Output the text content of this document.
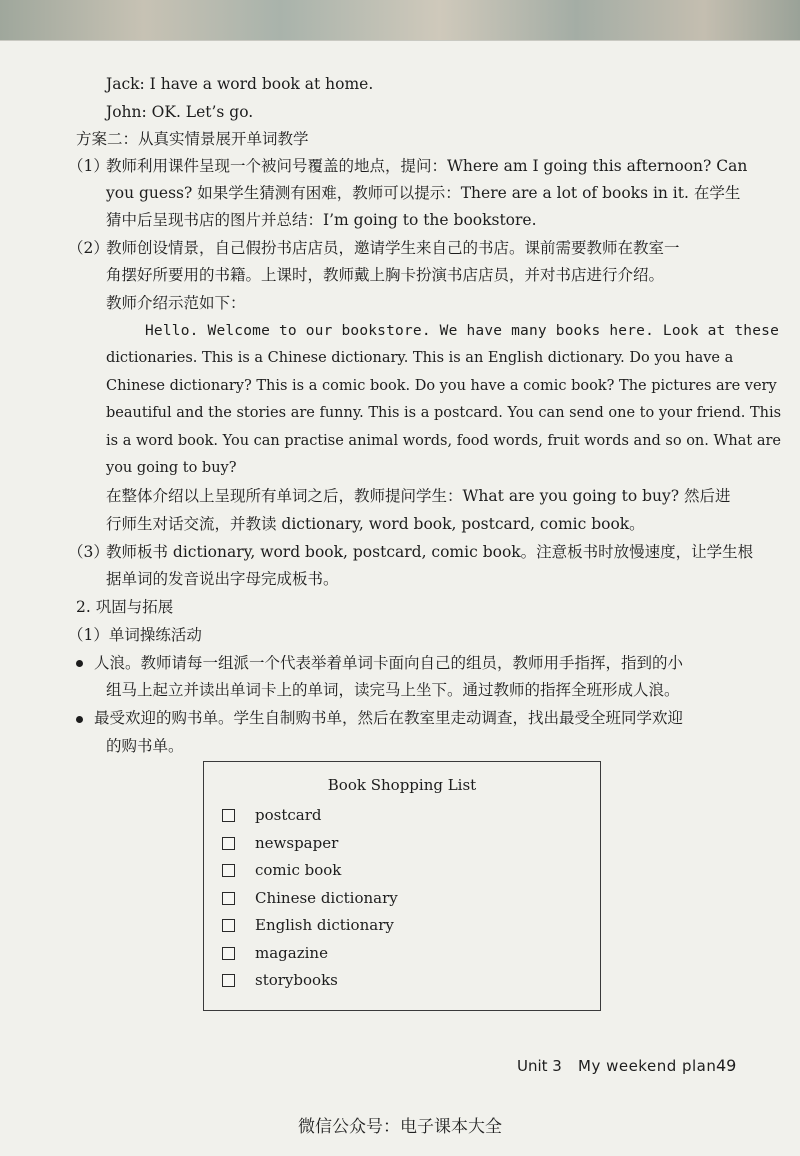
Jack: I have a word book at home.
John: OK. Let’s go.
方案二：从真实情景展开单词教学
（1）
教师利用课件呈现一个被问号覆盖的地点，提问：Where am I going this afternoon? Can
you guess? 如果学生猜测有困难，教师可以提示：There are a lot of books in it. 在学生
猜中后呈现书店的图片并总结：I’m going to the bookstore.
（2）
教师创设情景，自己假扮书店店员，邀请学生来自己的书店。课前需要教师在教室一
角摆好所要用的书籍。上课时，教师戴上胸卡扮演书店店员，并对书店进行介绍。
教师介绍示范如下：
Hello. Welcome to our bookstore. We have many books here. Look at these
dictionaries. This is a Chinese dictionary. This is an English dictionary. Do you have a
Chinese dictionary? This is a comic book. Do you have a comic book? The pictures are very
beautiful and the stories are funny. This is a postcard. You can send one to your friend. This
is a word book. You can practise animal words, food words, fruit words and so on. What are
you going to buy?
在整体介绍以上呈现所有单词之后，教师提问学生：What are you going to buy? 然后进
行师生对话交流，并教读 dictionary, word book, postcard, comic book。
（3）
教师板书 dictionary, word book, postcard, comic book。注意板书时放慢速度，让学生根
据单词的发音说出字母完成板书。
2. 巩固与拓展
（1）单词操练活动
人浪。教师请每一组派一个代表举着单词卡面向自己的组员，教师用手指挥，指到的小
组马上起立并读出单词卡上的单词，读完马上坐下。通过教师的指挥全班形成人浪。
最受欢迎的购书单。学生自制购书单，然后在教室里走动调查，找出最受全班同学欢迎
的购书单。
Book Shopping List
postcard
newspaper
comic book
Chinese dictionary
English dictionary
magazine
storybooks
Unit 3 My weekend plan 49
微信公众号：电子课本大全
